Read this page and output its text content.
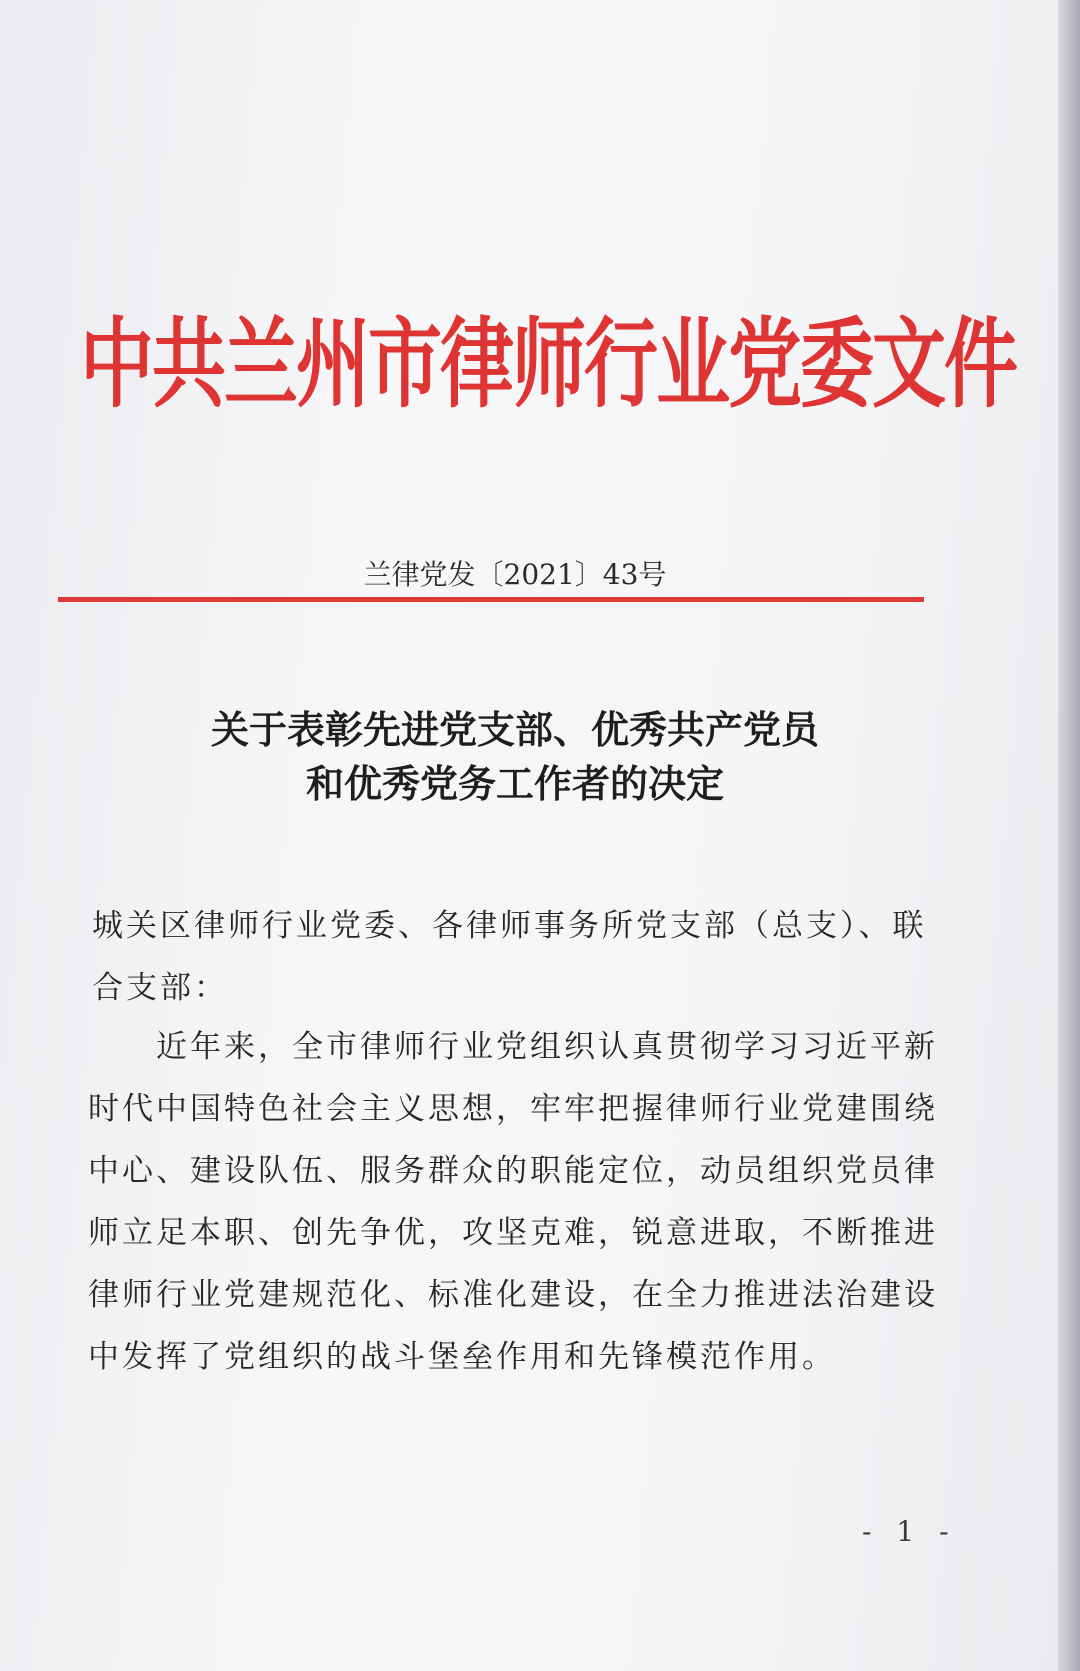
中共兰州市律师行业党委文件
兰律党发〔2021〕43号
关于表彰先进党支部、优秀共产党员
和优秀党务工作者的决定

城关区律师行业党委、各律师事务所党支部（总支）、联合支部：

近年来，全市律师行业党组织认真贯彻学习习近平新时代中国特色社会主义思想，牢牢把握律师行业党建围绕中心、建设队伍、服务群众的职能定位，动员组织党员律师立足本职、创先争优，攻坚克难，锐意进取，不断推进律师行业党建规范化、标准化建设，在全力推进法治建设中发挥了党组织的战斗堡垒作用和先锋模范作用。

- 1 -
